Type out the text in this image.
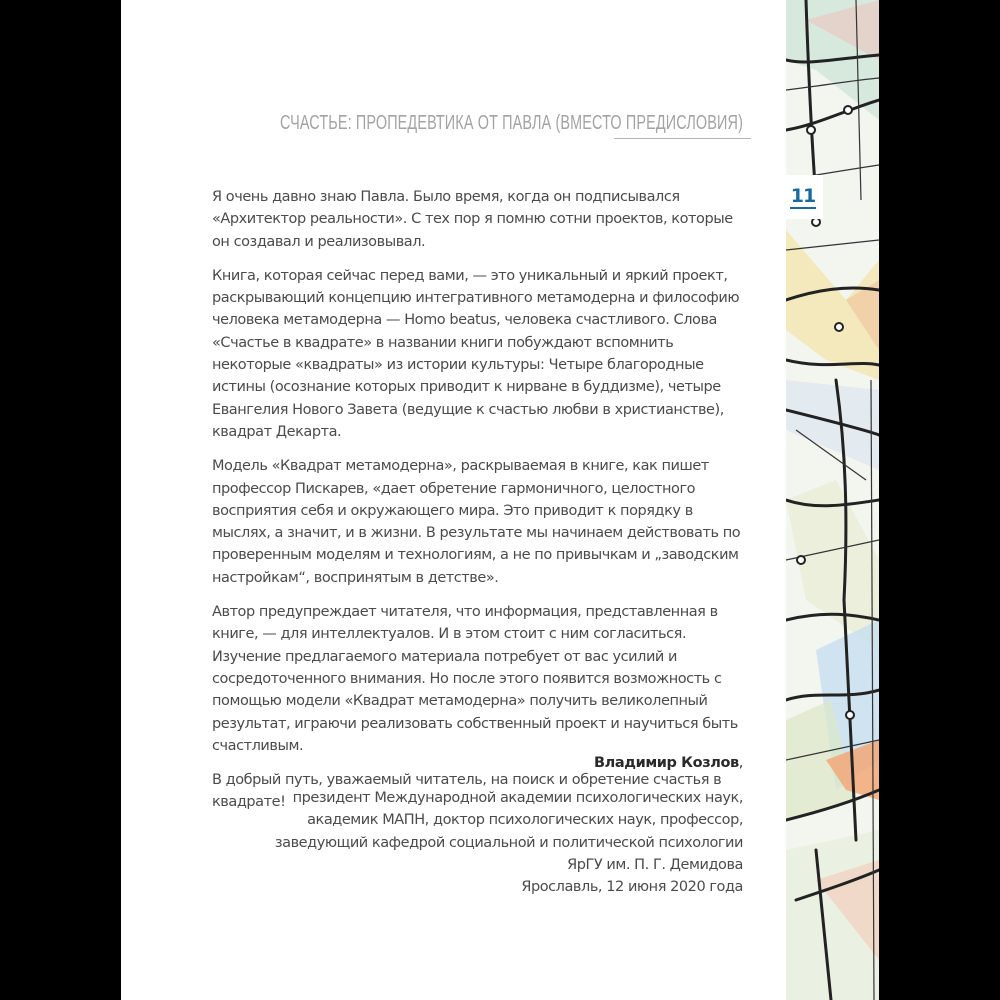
СЧАСТЬЕ: ПРОПЕДЕВТИКА ОТ ПАВЛА (ВМЕСТО ПРЕДИСЛОВИЯ)

Я очень давно знаю Павла. Было время, когда он подписывался «Архитектор реальности». С тех пор я помню сотни проектов, которые он создавал и реализовывал.

Книга, которая сейчас перед вами, — это уникальный и яркий проект, раскрывающий концепцию интегративного метамодерна и философию человека метамодерна — Homo beatus, человека счастливого. Слова «Счастье в квадрате» в названии книги побуждают вспомнить некоторые «квадраты» из истории культуры: Четыре благородные истины (осознание которых приводит к нирване в буддизме), четыре Евангелия Нового Завета (ведущие к счастью любви в христианстве), квадрат Декарта.

Модель «Квадрат метамодерна», раскрываемая в книге, как пишет профессор Пискарев, «дает обретение гармоничного, целостного восприятия себя и окружающего мира. Это приводит к порядку в мыслях, а значит, и в жизни. В результате мы начинаем действовать по проверенным моделям и технологиям, а не по привычкам и „заводским настройкам“, воспринятым в детстве».

Автор предупреждает читателя, что информация, представленная в книге, — для интеллектуалов. И в этом стоит с ним согласиться. Изучение предлагаемого материала потребует от вас усилий и сосредоточенного внимания. Но после этого появится возможность с помощью модели «Квадрат метамодерна» получить великолепный результат, играючи реализовать собственный проект и научиться быть счастливым.

В добрый путь, уважаемый читатель, на поиск и обретение счастья в квадрате!

Владимир Козлов,
президент Международной академии психологических наук,
академик МАПН, доктор психологических наук, профессор,
заведующий кафедрой социальной и политической психологии
ЯрГУ им. П. Г. Демидова
Ярославль, 12 июня 2020 года
11
